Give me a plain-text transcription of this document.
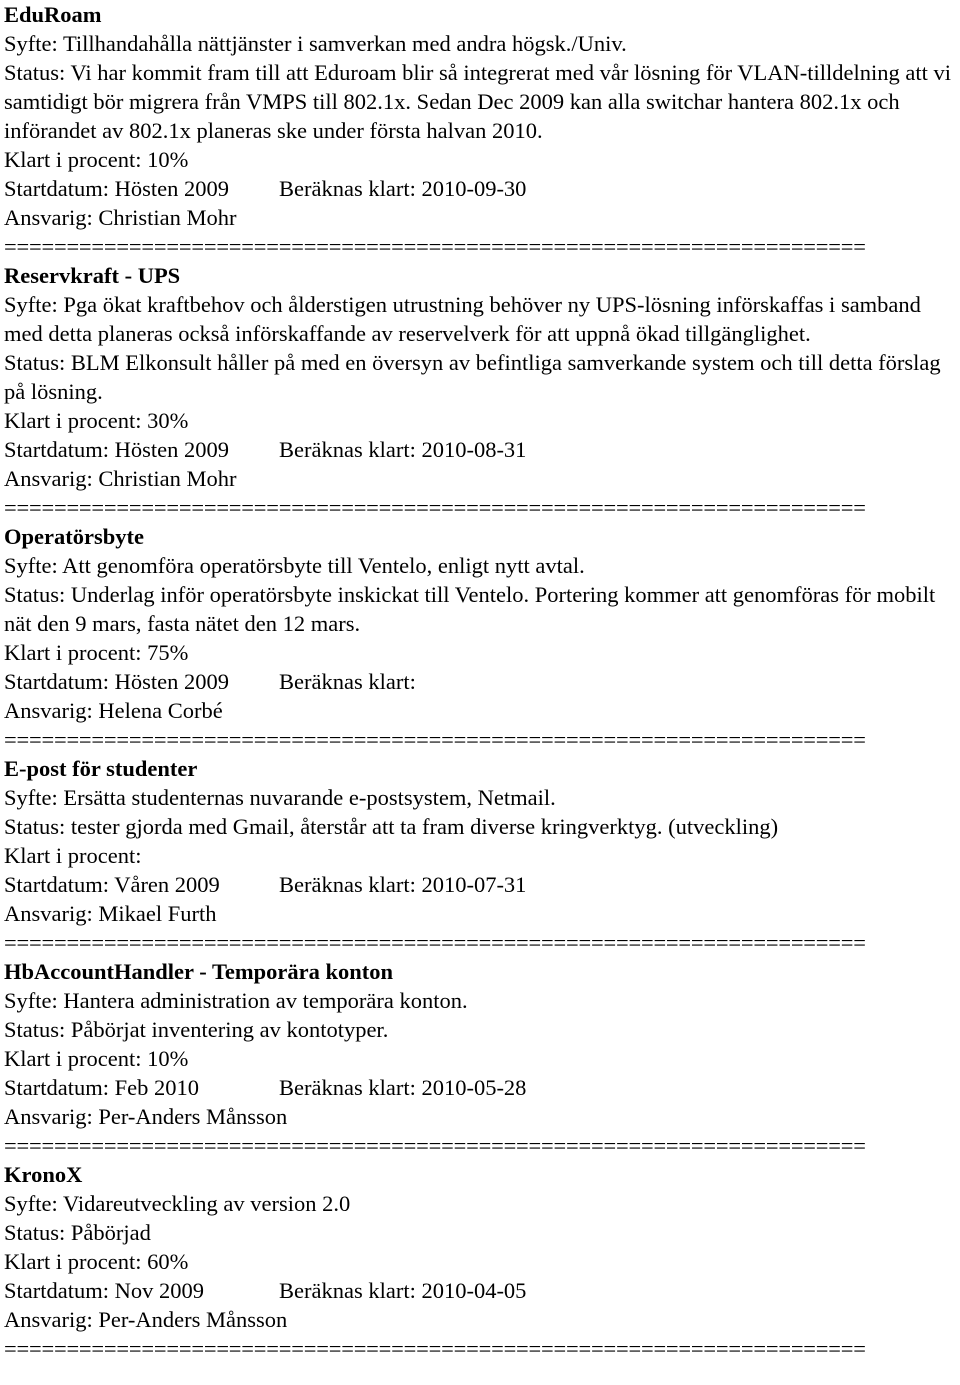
EduRoam
Syfte: Tillhandahålla nättjänster i samverkan med andra högsk./Univ.
Status: Vi har kommit fram till att Eduroam blir så integrerat med vår lösning för VLAN-tilldelning att vi samtidigt bör migrera från VMPS till 802.1x. Sedan Dec 2009 kan alla switchar hantera 802.1x och införandet av 802.1x planeras ske under första halvan 2010.
Klart i procent: 10%
Startdatum: Hösten 2009 Beräknas klart: 2010-09-30
Ansvarig: Christian Mohr
=====================================================================
Reservkraft - UPS
Syfte: Pga ökat kraftbehov och ålderstigen utrustning behöver ny UPS-lösning införskaffas i samband med detta planeras också införskaffande av reservelverk för att uppnå ökad tillgänglighet.
Status: BLM Elkonsult håller på med en översyn av befintliga samverkande system och till detta förslag på lösning.
Klart i procent: 30%
Startdatum: Hösten 2009 Beräknas klart: 2010-08-31
Ansvarig: Christian Mohr
=====================================================================
Operatörsbyte
Syfte: Att genomföra operatörsbyte till Ventelo, enligt nytt avtal.
Status: Underlag inför operatörsbyte inskickat till Ventelo. Portering kommer att genomföras för mobilt nät den 9 mars, fasta nätet den 12 mars.
Klart i procent: 75%
Startdatum: Hösten 2009 Beräknas klart:
Ansvarig: Helena Corbé
=====================================================================
E-post för studenter
Syfte: Ersätta studenternas nuvarande e-postsystem, Netmail.
Status: tester gjorda med Gmail, återstår att ta fram diverse kringverktyg. (utveckling)
Klart i procent:
Startdatum: Våren 2009	Beräknas klart: 2010-07-31
Ansvarig: Mikael Furth
=====================================================================
HbAccountHandler - Temporära konton
Syfte: Hantera administration av temporära konton.
Status: Påbörjat inventering av kontotyper.
Klart i procent: 10%
Startdatum: Feb 2010	Beräknas klart: 2010-05-28
Ansvarig: Per-Anders Månsson
=====================================================================
KronoX
Syfte: Vidareutveckling av version 2.0
Status: Påbörjad
Klart i procent: 60%
Startdatum: Nov 2009	Beräknas klart: 2010-04-05
Ansvarig: Per-Anders Månsson
=====================================================================
